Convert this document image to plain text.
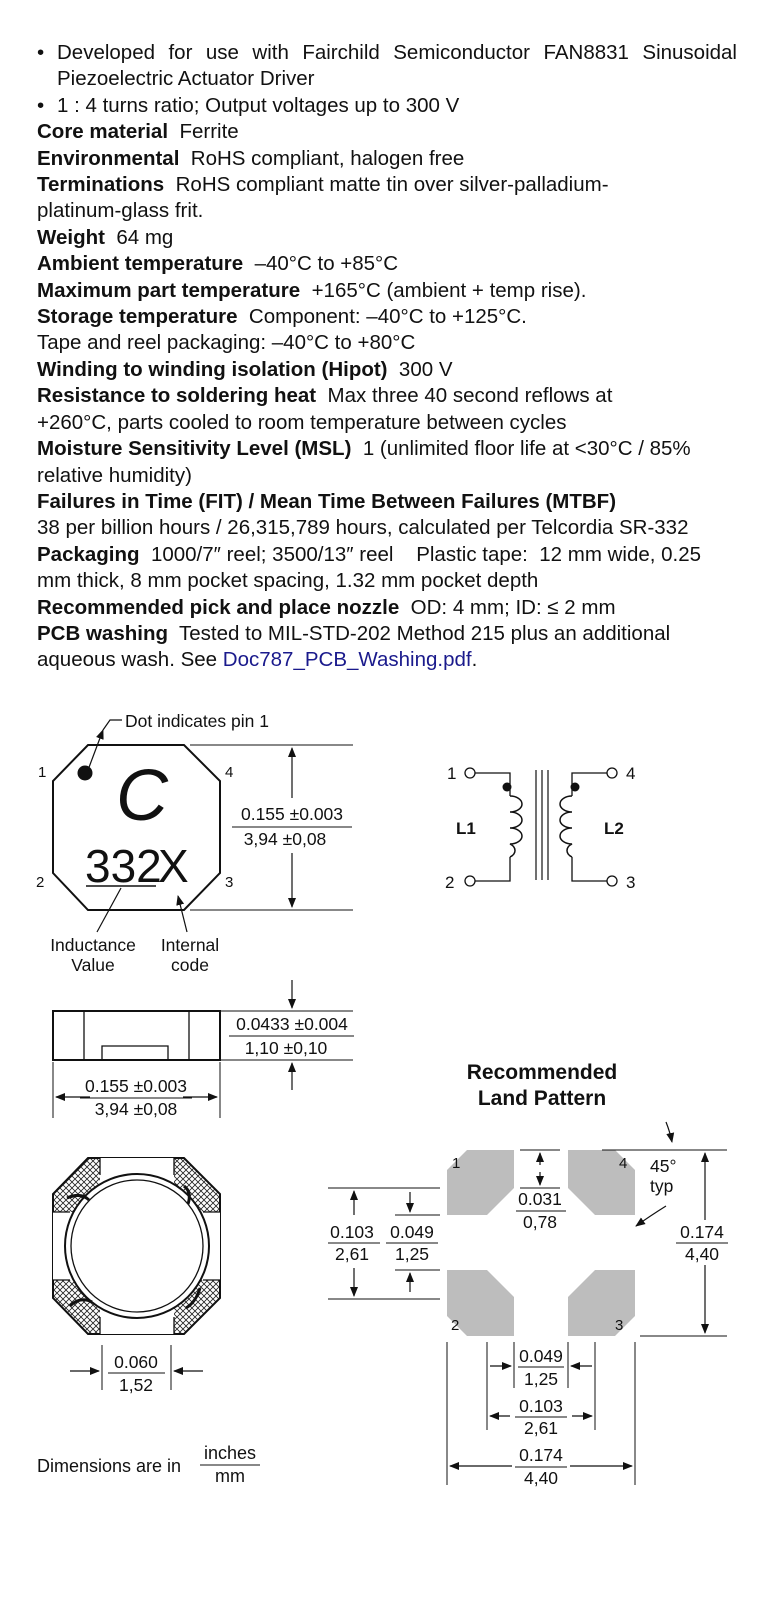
• Developed for use with Fairchild Semiconductor FAN8831 Sinusoidal Piezoelectric Actuator Driver
• 1 : 4 turns ratio; Output voltages up to 300 V
Core material Ferrite
Environmental RoHS compliant, halogen free
Terminations RoHS compliant matte tin over silver-palladium-platinum-glass frit.
Weight 64 mg
Ambient temperature –40°C to +85°C
Maximum part temperature +165°C (ambient + temp rise).
Storage temperature Component: –40°C to +125°C.
Tape and reel packaging: –40°C to +80°C
Winding to winding isolation (Hipot) 300 V
Resistance to soldering heat Max three 40 second reflows at +260°C, parts cooled to room temperature between cycles
Moisture Sensitivity Level (MSL) 1 (unlimited floor life at <30°C / 85% relative humidity)
Failures in Time (FIT) / Mean Time Between Failures (MTBF)
38 per billion hours / 26,315,789 hours, calculated per Telcordia SR-332
Packaging 1000/7″ reel; 3500/13″ reel    Plastic tape:  12 mm wide, 0.25 mm thick, 8 mm pocket spacing, 1.32 mm pocket depth
Recommended pick and place nozzle OD: 4 mm; ID: ≤ 2 mm
PCB washing Tested to MIL-STD-202 Method 215 plus an additional aqueous wash. See Doc787_PCB_Washing.pdf.
Dot indicates pin 1
1
2	3
4
C
332
X
Inductance
Value
Internal
code
0.155 ±0.003
3,94 ±0,08
1
2	3
4
L1	L2
0.0433 ±0.004
1,10 ±0,10
0.155 ±0.003
3,94 ±0,08
0.060
1,52
Recommended
Land Pattern
1
2	3
4
0.031
0,78
45°
typ
0.103
2,61
0.049
1,25
0.174
4,40
0.049
1,25
0.103
2,61
0.174
4,40
Dimensions are in
inches
mm
